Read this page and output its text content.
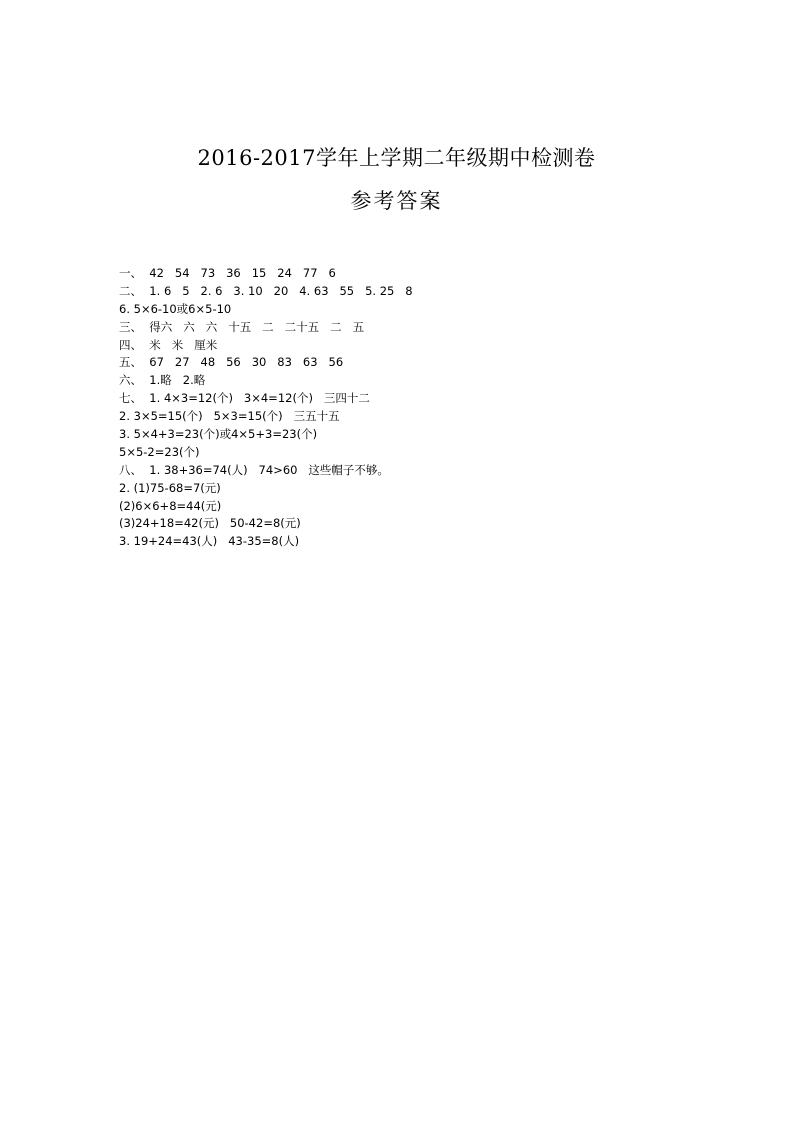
2016-2017学年上学期二年级期中检测卷
参考答案
一、  42   54   73   36   15   24   77   6
二、  1. 6   5   2. 6   3. 10   20   4. 63   55   5. 25   8
6. 5×6-10或6×5-10
三、  得六   六   六   十五   二   二十五   二   五
四、  米   米   厘米
五、  67   27   48   56   30   83   63   56
六、  1.略   2.略
七、  1. 4×3=12(个)   3×4=12(个)   三四十二
2. 3×5=15(个)   5×3=15(个)   三五十五
3. 5×4+3=23(个)或4×5+3=23(个)
5×5-2=23(个)
八、  1. 38+36=74(人)   74>60   这些帽子不够。
2. (1)75-68=7(元)
(2)6×6+8=44(元)
(3)24+18=42(元)   50-42=8(元)
3. 19+24=43(人)   43-35=8(人)
